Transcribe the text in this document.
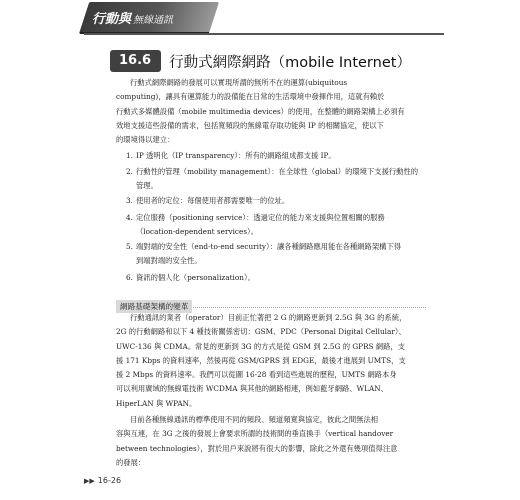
行動與 無線通訊
16.6	行動式網際網路（mobile Internet）
行動式網際網路的發展可以實現所謂的無所不在的運算(ubiquitous
computing)，讓具有運算能力的設備能在日常的生活環境中發揮作用，這就有賴於
行動式多媒體設備（mobile multimedia devices）的使用，在整體的網路架構上必須有
效地支援這些設備的需求，包括寬頻段的無線電存取功能與 IP 的相關協定，使以下
的環境得以建立：
1. IP 透明化（IP transparency）：所有的網路組成都支援 IP。
2. 行動性的管理（mobility management）：在全球性（global）的環境下支援行動性的
管理。
3. 使用者的定位：每個使用者都需要唯一的位址。
4. 定位服務（positioning service）：透過定位的能力來支援與位置相關的服務
（location-dependent services）。
5. 端對端的安全性（end-to-end security）：讓各種網路應用能在各種網路架構下得
到端對端的安全性。
6. 資訊的個人化（personalization）。
網路基礎架構的變革
行動通訊的業者（operator）目前正忙著把 2 G 的網路更新到 2.5G 與 3G 的系統，
2G 的行動網路和以下 4 種技術關係密切：GSM、PDC（Personal Digital Cellular）、
UWC-136 與 CDMA。常見的更新到 3G 的方式是從 GSM 到 2.5G 的 GPRS 網路，支
援 171 Kbps 的資料速率，然後再從 GSM/GPRS 到 EDGE，最後才進展到 UMTS，支
援 2 Mbps 的資料速率。我們可以從圖 16-28 看到這些進展的歷程，UMTS 網路本身
可以利用廣域的無線電技術 WCDMA 與其他的網路相連，例如藍牙網路、WLAN、
HiperLAN 與 WPAN。
目前各種無線通訊的標準使用不同的頻段、頻道頻寬與協定，彼此之間無法相
容與互連，在 3G 之後的發展上會要求所謂的技術間的垂直換手（vertical handover
between technologies），對於用戶來說將有很大的影響，除此之外還有幾項值得注意
的發展：
▶▶ 16-26
